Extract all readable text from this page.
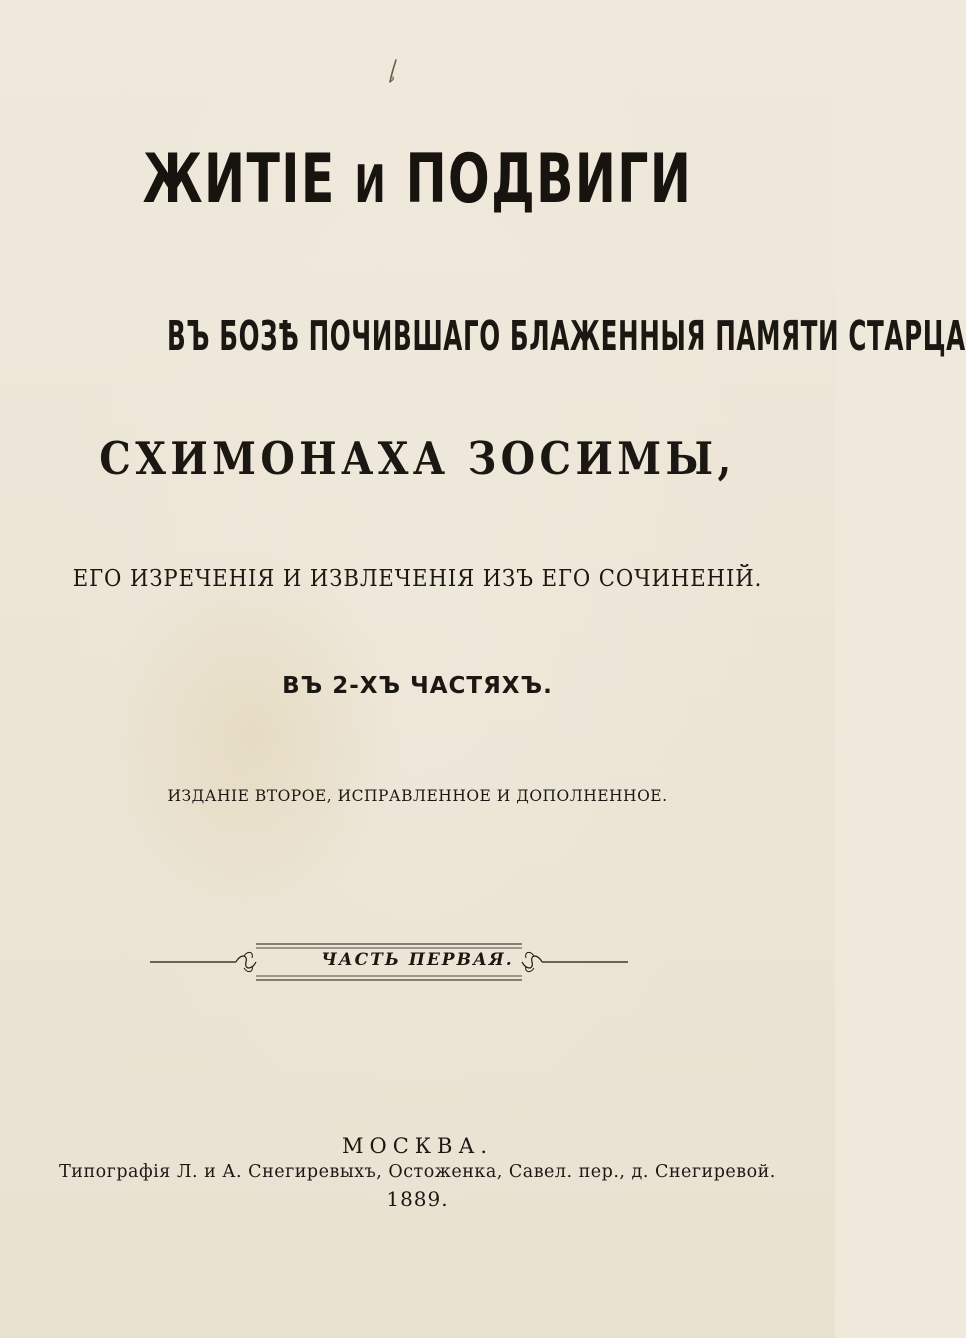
ЖИТІЕ И ПОДВИГИ
ВЪ БОЗѢ ПОЧИВШАГО БЛАЖЕННЫЯ ПАМЯТИ СТАРЦА
СХИМОНАХА ЗОСИМЫ,
ЕГО ИЗРЕЧЕНІЯ И ИЗВЛЕЧЕНІЯ ИЗЪ ЕГО СОЧИНЕНІЙ.
ВЪ 2-ХЪ ЧАСТЯХЪ.
ИЗДАНІЕ ВТОРОЕ, ИСПРАВЛЕННОЕ И ДОПОЛНЕННОЕ.
ЧАСТЬ ПЕРВАЯ.
МОСКВА.
Типографія Л. и А. Снегиревыхъ, Остоженка, Савел. пер., д. Снегиревой.
1889.
